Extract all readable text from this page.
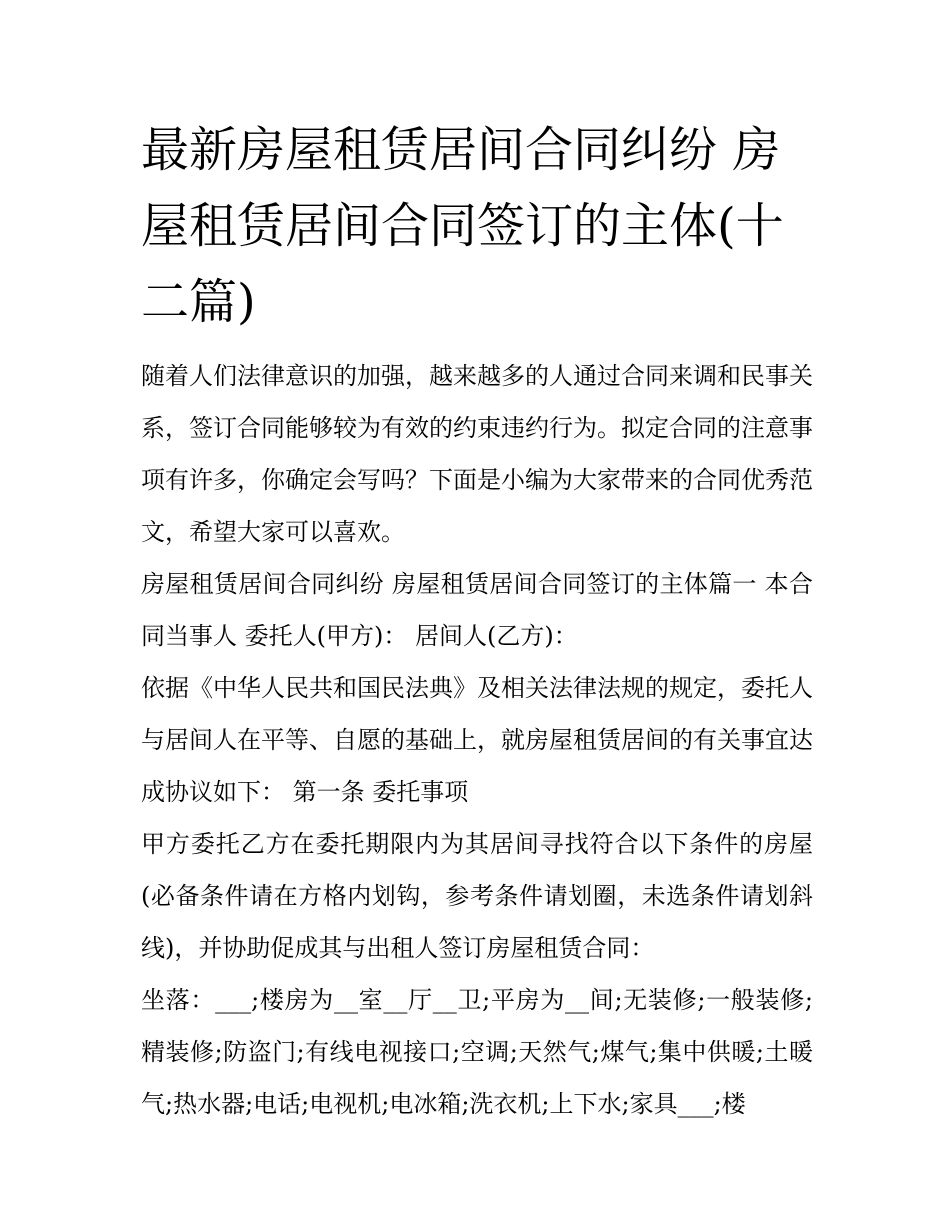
最新房屋租赁居间合同纠纷 房屋租赁居间合同签订的主体(十二篇)

随着人们法律意识的加强，越来越多的人通过合同来调和民事关系，签订合同能够较为有效的约束违约行为。拟定合同的注意事项有许多，你确定会写吗？下面是小编为大家带来的合同优秀范文，希望大家可以喜欢。

房屋租赁居间合同纠纷 房屋租赁居间合同签订的主体篇一 本合同当事人 委托人(甲方)： 居间人(乙方)：

依据《中华人民共和国民法典》及相关法律法规的规定，委托人与居间人在平等、自愿的基础上，就房屋租赁居间的有关事宜达成协议如下： 第一条 委托事项

甲方委托乙方在委托期限内为其居间寻找符合以下条件的房屋(必备条件请在方格内划钩，参考条件请划圈，未选条件请划斜线)，并协助促成其与出租人签订房屋租赁合同：

坐落：___;楼房为__室__厅__卫;平房为__间;无装修;一般装修;精装修;防盗门;有线电视接口;空调;天然气;煤气;集中供暖;土暖气;热水器;电话;电视机;电冰箱;洗衣机;上下水;家具___;楼
